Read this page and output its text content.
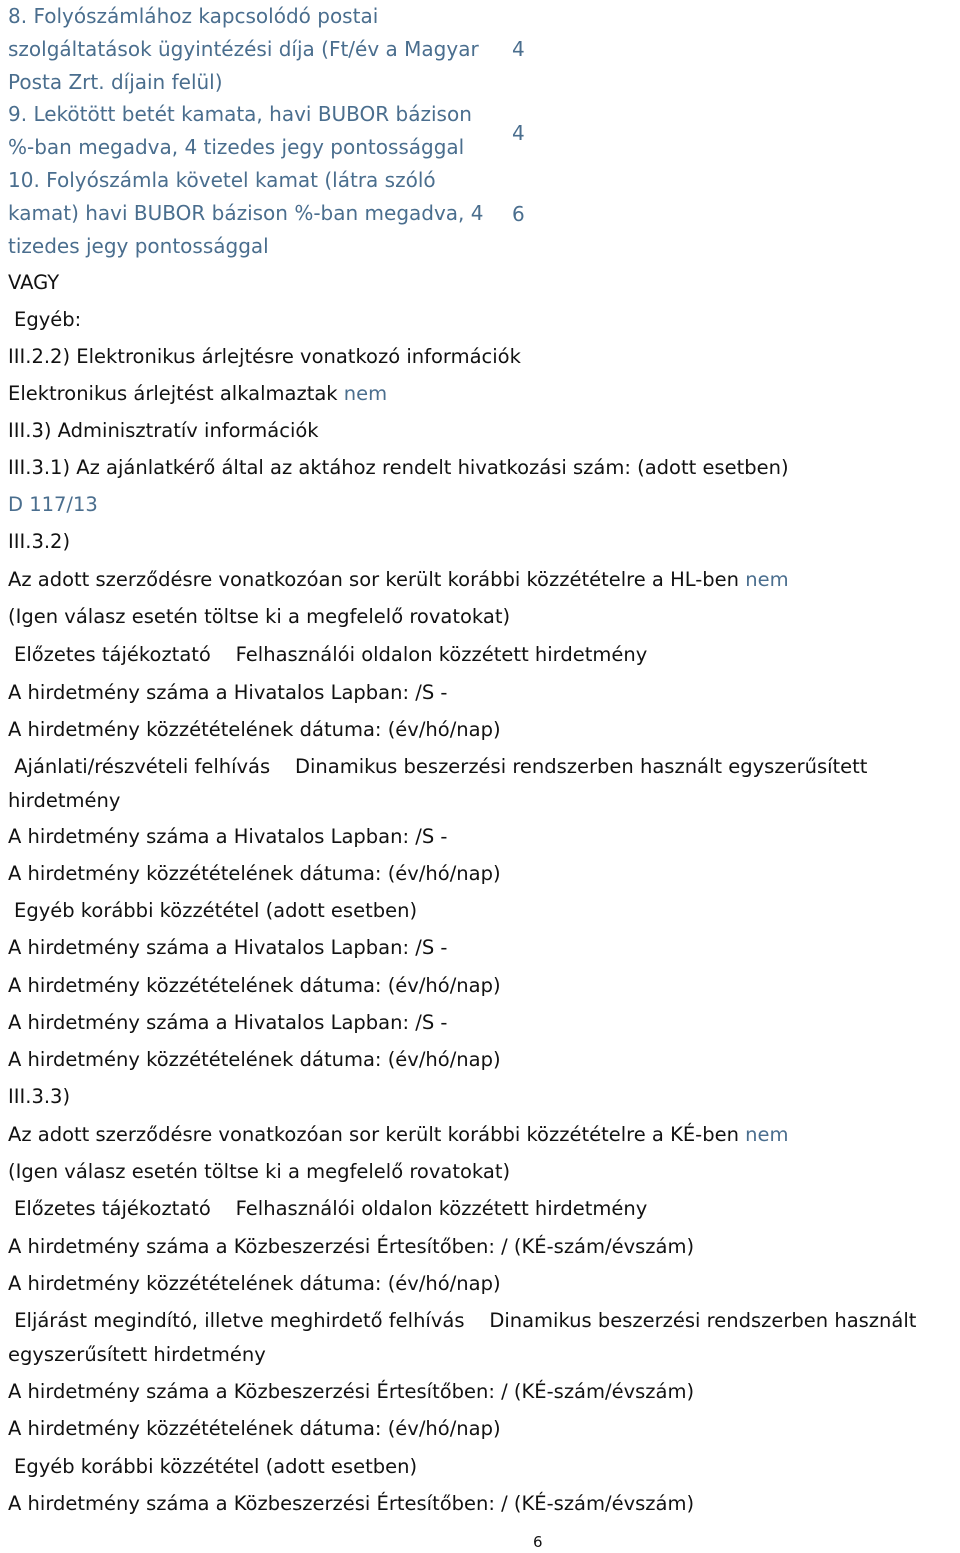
8. Folyószámlához kapcsolódó postai szolgáltatások ügyintézési díja (Ft/év a Magyar Posta Zrt. díjain felül)
4
9. Lekötött betét kamata, havi BUBOR bázison %-ban megadva, 4 tizedes jegy pontossággal
4
10. Folyószámla követel kamat (látra szóló kamat) havi BUBOR bázison %-ban megadva, 4 tizedes jegy pontossággal
6
VAGY
Egyéb:
III.2.2) Elektronikus árlejtésre vonatkozó információk
Elektronikus árlejtést alkalmaztak nem
III.3) Adminisztratív információk
III.3.1) Az ajánlatkérő által az aktához rendelt hivatkozási szám: (adott esetben)
D 117/13
III.3.2)
Az adott szerződésre vonatkozóan sor került korábbi közzétételre a HL-ben nem
(Igen válasz esetén töltse ki a megfelelő rovatokat)
Előzetes tájékoztató Felhasználói oldalon közzétett hirdetmény
A hirdetmény száma a Hivatalos Lapban: /S -
A hirdetmény közzétételének dátuma: (év/hó/nap)
Ajánlati/részvételi felhívás Dinamikus beszerzési rendszerben használt egyszerűsített hirdetmény
A hirdetmény száma a Hivatalos Lapban: /S -
A hirdetmény közzétételének dátuma: (év/hó/nap)
Egyéb korábbi közzététel (adott esetben)
A hirdetmény száma a Hivatalos Lapban: /S -
A hirdetmény közzétételének dátuma: (év/hó/nap)
A hirdetmény száma a Hivatalos Lapban: /S -
A hirdetmény közzétételének dátuma: (év/hó/nap)
III.3.3)
Az adott szerződésre vonatkozóan sor került korábbi közzétételre a KÉ-ben nem
(Igen válasz esetén töltse ki a megfelelő rovatokat)
Előzetes tájékoztató Felhasználói oldalon közzétett hirdetmény
A hirdetmény száma a Közbeszerzési Értesítőben: / (KÉ-szám/évszám)
A hirdetmény közzétételének dátuma: (év/hó/nap)
Eljárást megindító, illetve meghirdető felhívás Dinamikus beszerzési rendszerben használt egyszerűsített hirdetmény
A hirdetmény száma a Közbeszerzési Értesítőben: / (KÉ-szám/évszám)
A hirdetmény közzétételének dátuma: (év/hó/nap)
Egyéb korábbi közzététel (adott esetben)
A hirdetmény száma a Közbeszerzési Értesítőben: / (KÉ-szám/évszám)
6
